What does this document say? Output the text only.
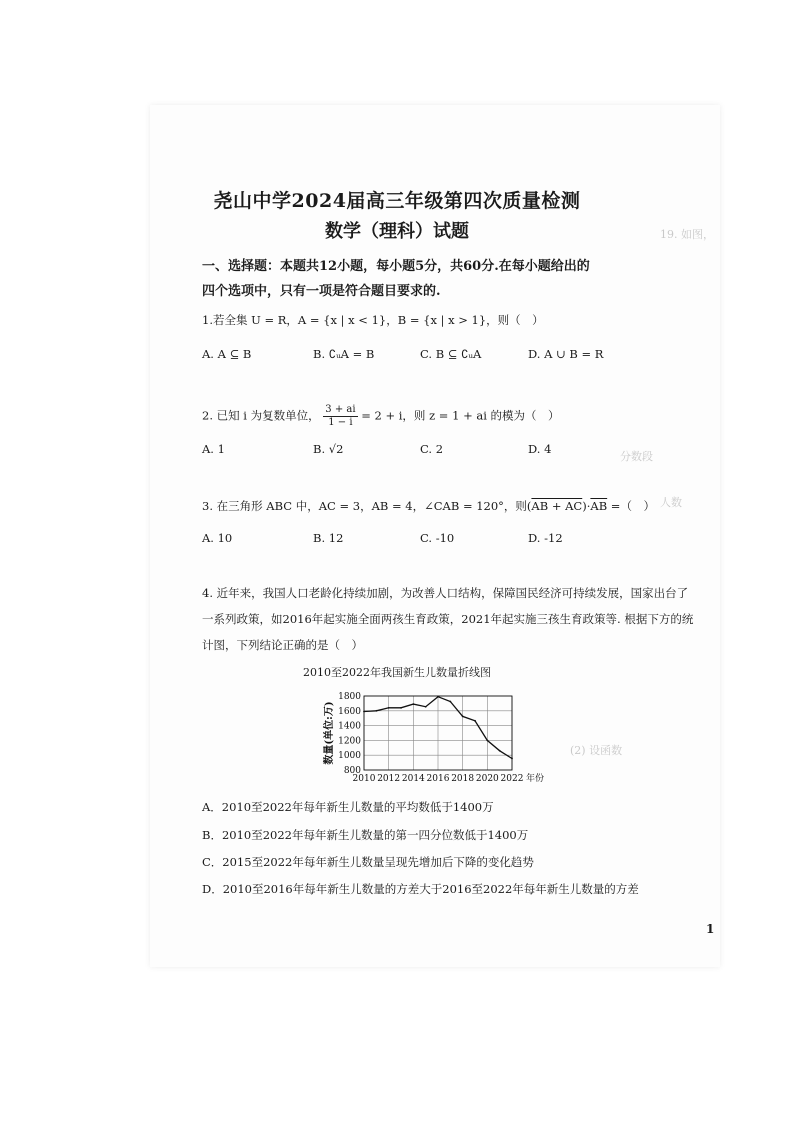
19. 如图，
分数段
人数
(2) 设函数
尧山中学2024届高三年级第四次质量检测
数学（理科）试题
一、选择题：本题共12小题，每小题5分，共60分.在每小题给出的四个选项中，只有一项是符合题目要求的.
1.若全集 U = R，A = {x | x < 1}，B = {x | x > 1}，则（　）
A. A ⊆ B	B. ∁ᵤA = B	C. B ⊆ ∁ᵤA	D. A ∪ B = R
2. 已知 i 为复数单位， $\frac{3 + ai}{1 - i} = 2 + i$，则 z = 1 + ai 的模为（　）
A. 1	B. √2	C. 2	D. 4
3. 在三角形 ABC 中，AC = 3，AB = 4，∠CAB = 120°，则$(AB + AC)\cdot\overline{AB}$ =（　）
A. 10	B. 12	C. -10	D. -12
4. 近年来，我国人口老龄化持续加剧，为改善人口结构，保障国民经济可持续发展，国家出台了
一系列政策，如2016年起实施全面两孩生育政策，2021年起实施三孩生育政策等. 根据下方的统
计图，下列结论正确的是（　）
2010至2022年我国新生儿数量折线图
800
1000
1200
1400
1600
1800
2010 2012 2014 2016 2018 2020 2022
数量(单位:万)
年份
A．2010至2022年每年新生儿数量的平均数低于1400万
B．2010至2022年每年新生儿数量的第一四分位数低于1400万
C．2015至2022年每年新生儿数量呈现先增加后下降的变化趋势
D．2010至2016年每年新生儿数量的方差大于2016至2022年每年新生儿数量的方差
1
